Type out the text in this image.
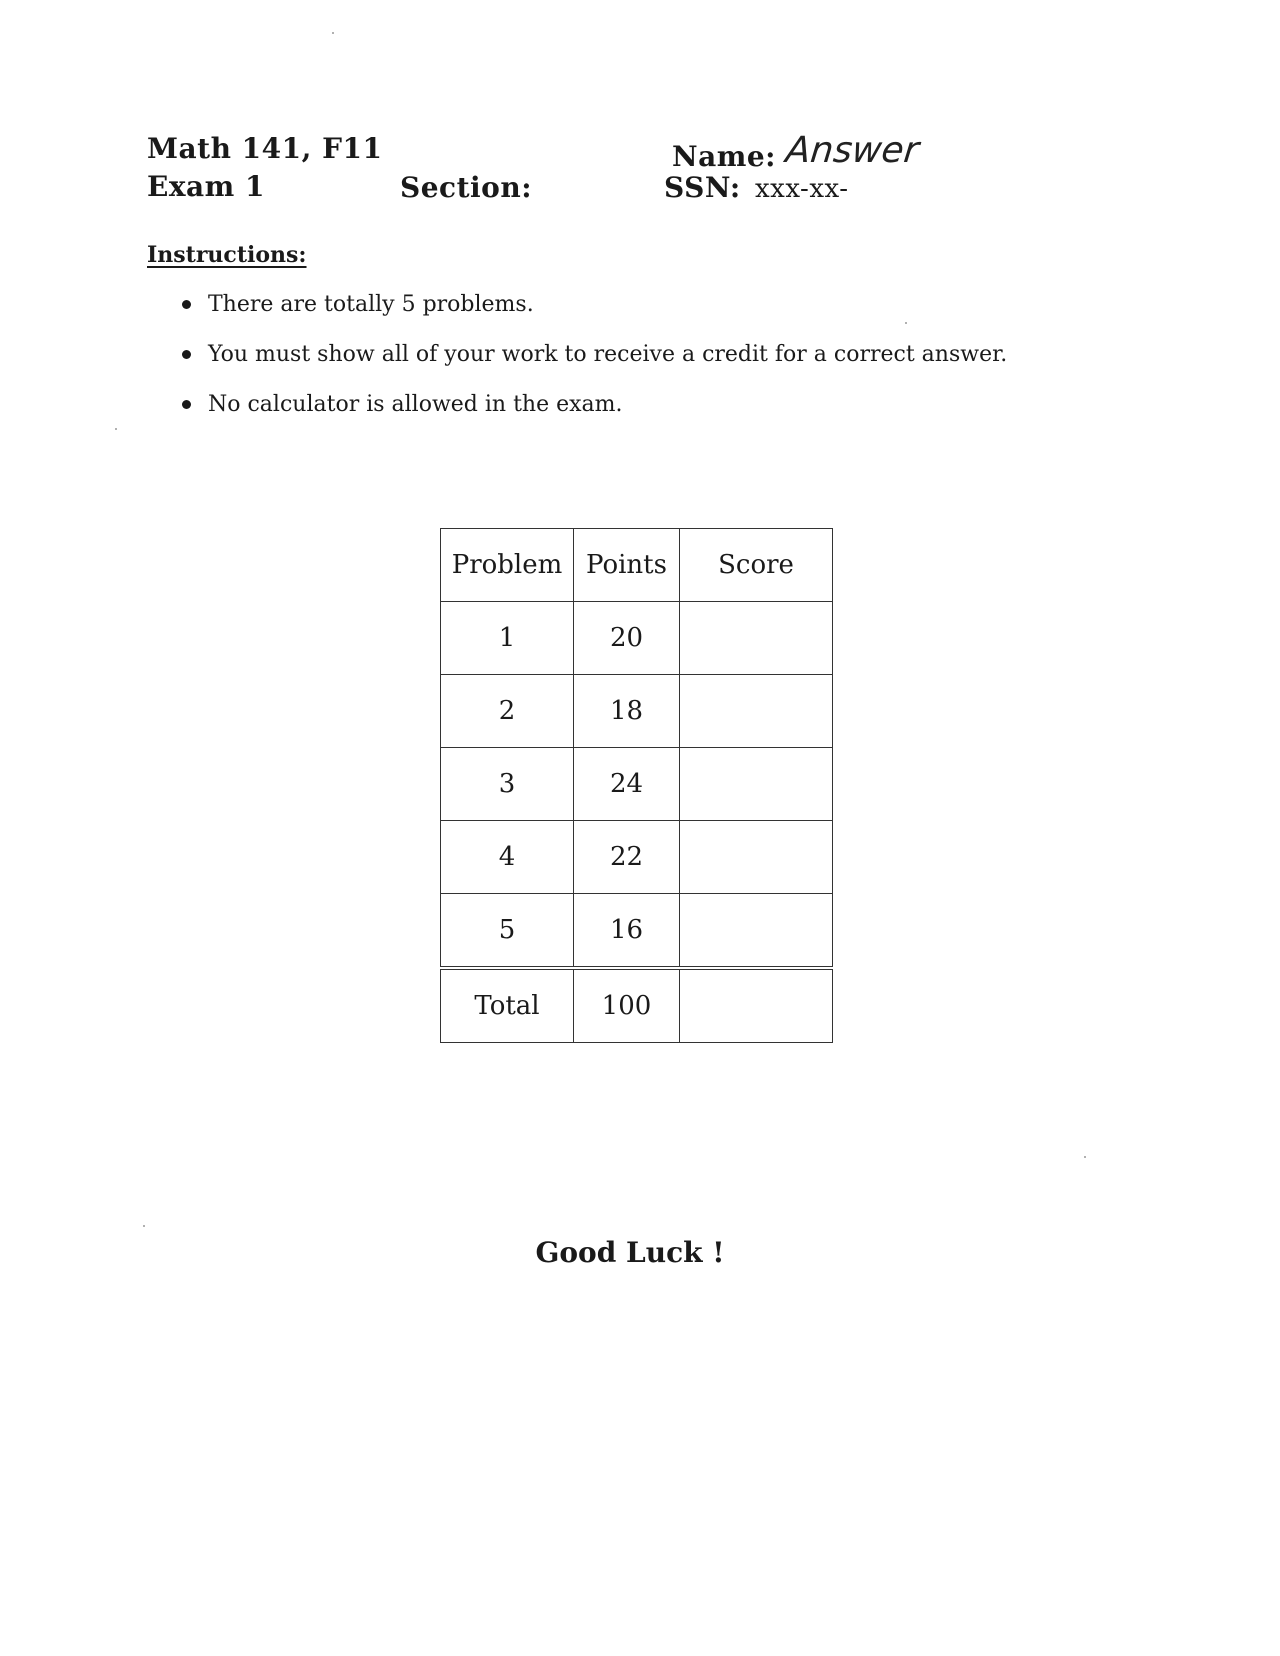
Math 141, F11
Exam 1	Section:
Name: Answer
SSN: xxx-xx-
Instructions:
There are totally 5 problems.
You must show all of your work to receive a credit for a correct answer.
No calculator is allowed in the exam.
Problem	Points	Score
1	20	
2	18	
3	24	
4	22	
5	16	
Total	100	
Good Luck !
